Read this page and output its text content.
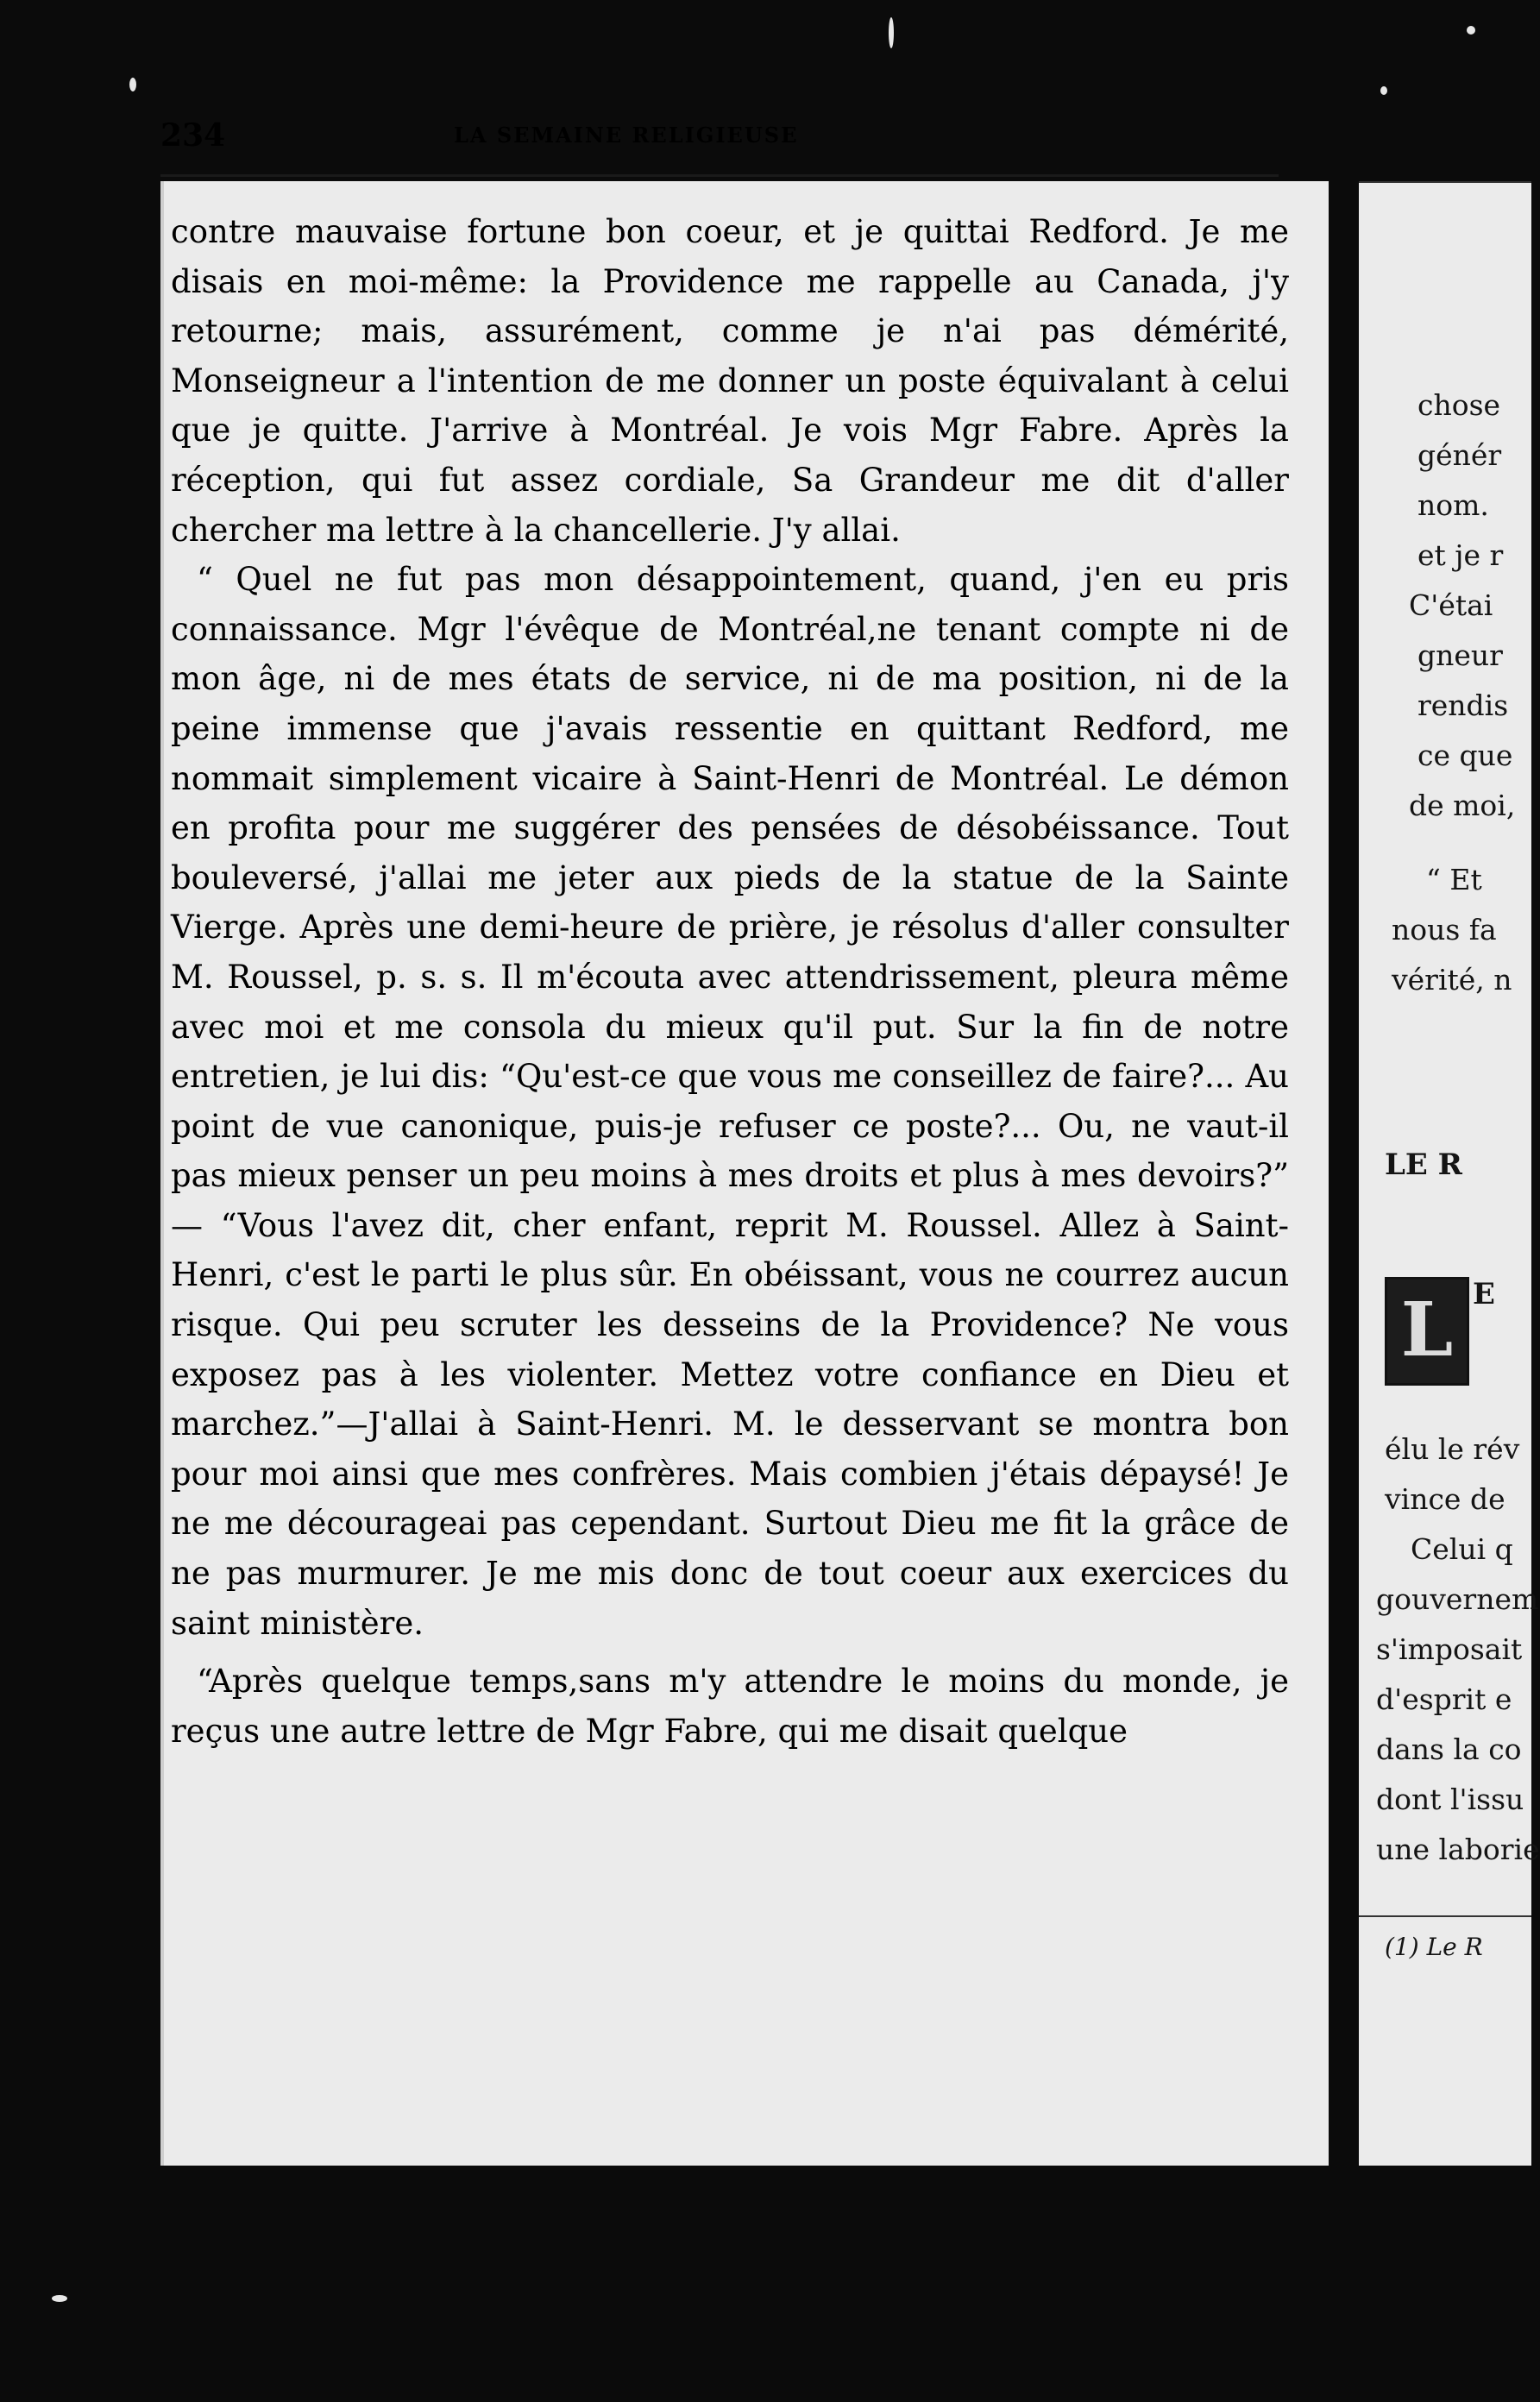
234	LA SEMAINE RELIGIEUSE

contre mauvaise fortune bon coeur, et je quittai Redford. Je me disais en moi-même: la Providence me rappelle au Canada, j'y retourne; mais, assurément, comme je n'ai pas démérité, Monseigneur a l'intention de me donner un poste équivalant à celui que je quitte. J'arrive à Montréal. Je vois Mgr Fabre. Après la réception, qui fut assez cordiale, Sa Grandeur me dit d'aller chercher ma lettre à la chancellerie. J'y allai.

“ Quel ne fut pas mon désappointement, quand, j'en eu pris connaissance. Mgr l'évêque de Montréal,ne tenant compte ni de mon âge, ni de mes états de service, ni de ma position, ni de la peine immense que j'avais ressentie en quittant Redford, me nommait simplement vicaire à Saint-Henri de Montréal. Le démon en profita pour me suggérer des pensées de désobéissance. Tout bouleversé, j'allai me jeter aux pieds de la statue de la Sainte Vierge. Après une demi-heure de prière, je résolus d'aller consulter M. Roussel, p. s. s. Il m'écouta avec attendrissement, pleura même avec moi et me consola du mieux qu'il put. Sur la fin de notre entretien, je lui dis: “Qu'est-ce que vous me conseillez de faire?... Au point de vue canonique, puis-je refuser ce poste?... Ou, ne vaut-il pas mieux penser un peu moins à mes droits et plus à mes devoirs?” — “Vous l'avez dit, cher enfant, reprit M. Roussel. Allez à Saint-Henri, c'est le parti le plus sûr. En obéissant, vous ne courrez aucun risque. Qui peu scruter les desseins de la Providence? Ne vous exposez pas à les violenter. Mettez votre confiance en Dieu et marchez.”—J'allai à Saint-Henri. M. le desservant se montra bon pour moi ainsi que mes confrères. Mais combien j'étais dépaysé! Je ne me décourageai pas cependant. Surtout Dieu me fit la grâce de ne pas murmurer. Je me mis donc de tout coeur aux exercices du saint ministère.

“Après quelque temps,sans m'y attendre le moins du monde, je reçus une autre lettre de Mgr Fabre, qui me disait quelque

chose
génér
nom.
et je r
C'étai
gneur
rendis
ce que
de moi,
“ Et
nous fa
vérité, n
LE R
L E
élu le rév
vince de
Celui q
gouvernem
s'imposait
d'esprit e
dans la co
dont l'issu
une laborie
(1) Le R
